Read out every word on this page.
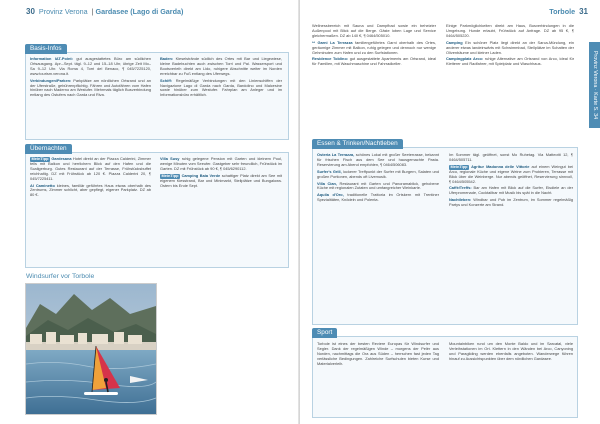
30 Provinz Verona  | Gardasee (Lago di Garda)
Basis-Infos
Information IAT-Point: gut ausgestattetes Büro am südlichen Ortsausgang. Apr.–Sept. tägl. 9–12 und 15–18 Uhr, übrige Zeit Mo–Sa 9–12 Uhr. Via Roma 4, Torri del Benaco, ¶ 045/7225120, www.tourism.verona.it.
Verbindungen/Parken: Parkplätze am nördlichen Ortsrand und an der Uferstraße, gebührenpflichtig. Fähren und Autofähren vom Hafen hinüber nach Maderno am Westufer. Mehrmals täglich Busverbindung entlang des Ostufers nach Garda und Riva.
Baden: Kieselstrände südlich des Ortes mit Bar und Liegewiese, kleine Badebuchten auch zwischen Torri und Pai. Wassersport und Bootsverleih direkt am Lido, ruhigere Abschnitte weiter im Norden erreichbar zu Fuß entlang des Uferwegs.
Schiff: Regelmäßige Verbindungen mit den Linienschiffen der Navigazione Lago di Garda nach Garda, Bardolino und Malcesine sowie hinüber zum Westufer. Fahrplan am Anleger und im Informationsbüro erhältlich.
Übernachten
MeinTipp Gardesana Hotel direkt an der Piazza Calderini, Zimmer teils mit Balkon und herrlichem Blick auf den Hafen und die Scaligerburg. Gutes Restaurant auf der Terrasse, Frühstücksbuffet reichhaltig. DZ mit Frühstück ab 120 €. Piazza Calderini 20, ¶ 045/7225411.
Al Caminetto kleines, familiär geführtes Haus etwas oberhalb des Zentrums, Zimmer schlicht, aber gepflegt, eigener Parkplatz. DZ ab 80 €.
Villa Susy ruhig gelegene Pension mit Garten und kleinem Pool, wenige Minuten vom Seeufer. Gastgeber sehr freundlich, Frühstück im Garten. DZ mit Frühstück ab 90 €, ¶ 045/6290112.
MeinTipp Camping Baia Verde schattiger Platz direkt am See mit eigenem Kiesstrand, Bar und Minimarkt, Stellplätze und Bungalows. Ostern bis Ende Sept.
Windsurfer vor Torbole
Torbole 31
Provinz Verona · Karte S. 34
Wellnessbereich mit Sauna und Dampfbad sowie ein beheizter Außenpool mit Blick auf die Berge. Gäste loben Lage und Service gleichermaßen. DZ ab 140 €, ¶ 0464/505010.
** Garni La Terrazza familiengeführtes Garni oberhalb des Ortes, geräumige Zimmer mit Balkon, ruhig gelegen und dennoch nur wenige Gehminuten zum Hafen und zu den Surfstationen.
Residence Toblino: gut ausgestattete Apartments am Ortsrand, ideal für Familien, mit Waschmaschine und Fahrradkeller.
Einige Parkmöglichkeiten direkt am Haus, Busverbindungen in die Umgebung. Hunde erlaubt, Frühstück auf Anfrage. DZ ab 95 €, ¶ 0464/505220.
Camping Ein schöner Platz liegt direkt an der Sarca-Mündung, ein anderer etwas landeinwärts mit Schwimmbad, Stellplätze im Schatten der Olivenbäume und kleiner Laden.
Campingplatz Arco: ruhige Alternative am Ortsrand von Arco, ideal für Kletterer und Radfahrer, mit Spielplatz und Waschhaus.
Essen & Trinken/Nachtleben
Osteria La Terrazza, schönes Lokal mit großer Seeterrasse, bekannt für frischen Fisch aus dem See und hausgemachte Pasta. Reservierung am Abend empfohlen, ¶ 0464/506083.
Surfer's Grill, lockerer Treffpunkt der Surfer mit Burgern, Salaten und großen Portionen, abends oft Livemusik.
Villa Cian, Restaurant mit Garten und Panoramablick, gehobene Küche mit regionalen Zutaten und umfangreicher Weinkarte.
Aquila d'Oro, traditionelle Trattoria im Ortskern mit Trentiner Spezialitäten, Knödeln und Polenta.
Im Sommer tägl. geöffnet, sonst Mo Ruhetag. Via Matteotti 12, ¶ 0464/505711.
MeinTipp Agritur Madonna delle Vittorie auf einem Weingut bei Arco, regionale Küche und eigene Weine zum Probieren, Terrasse mit Blick über die Weinberge. Nur abends geöffnet, Reservierung sinnvoll, ¶ 0464/505542.
Caffè/Treffs: Bar am Hafen mit Blick auf die Surfer, Eisdiele an der Uferpromenade, Cocktailbar mit Musik bis spät in die Nacht.
Nachtleben: Windbar und Pub im Zentrum, im Sommer regelmäßig Partys und Konzerte am Strand.
Sport
Torbole ist eines der besten Reviere Europas für Windsurfer und Segler. Dank der regelmäßigen Winde – morgens der Pelèr aus Norden, nachmittags die Ora aus Süden – herrschen fast jeden Tag verlässliche Bedingungen. Zahlreiche Surfschulen bieten Kurse und Materialverleih.
Mountainbiken rund um den Monte Baldo und im Sarcatal, viele Verleihstationen im Ort. Klettern in den Wänden bei Arco, Canyoning und Paragliding werden ebenfalls angeboten. Wanderwege führen hinauf zu Aussichtspunkten über dem nördlichen Gardasee.
